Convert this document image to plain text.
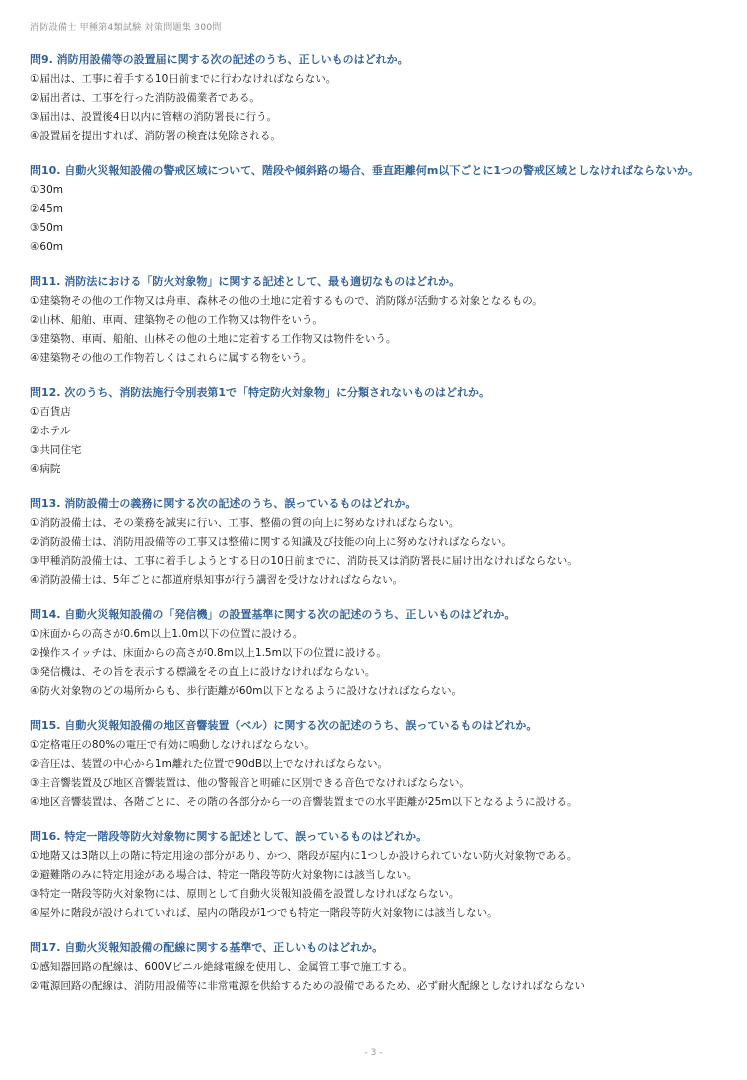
消防設備士 甲種第4類試験 対策問題集 300問

問9. 消防用設備等の設置届に関する次の記述のうち、正しいものはどれか。

①届出は、工事に着手する10日前までに行わなければならない。

②届出者は、工事を行った消防設備業者である。

③届出は、設置後4日以内に管轄の消防署長に行う。

④設置届を提出すれば、消防署の検査は免除される。

問10. 自動火災報知設備の警戒区域について、階段や傾斜路の場合、垂直距離何m以下ごとに1つの警戒区域としなければならないか。

①30m

②45m

③50m

④60m

問11. 消防法における「防火対象物」に関する記述として、最も適切なものはどれか。

①建築物その他の工作物又は舟車、森林その他の土地に定着するもので、消防隊が活動する対象となるもの。

②山林、船舶、車両、建築物その他の工作物又は物件をいう。

③建築物、車両、船舶、山林その他の土地に定着する工作物又は物件をいう。

④建築物その他の工作物若しくはこれらに属する物をいう。

問12. 次のうち、消防法施行令別表第1で「特定防火対象物」に分類されないものはどれか。

①百貨店

②ホテル

③共同住宅

④病院

問13. 消防設備士の義務に関する次の記述のうち、誤っているものはどれか。

①消防設備士は、その業務を誠実に行い、工事、整備の質の向上に努めなければならない。

②消防設備士は、消防用設備等の工事又は整備に関する知識及び技能の向上に努めなければならない。

③甲種消防設備士は、工事に着手しようとする日の10日前までに、消防長又は消防署長に届け出なければならない。

④消防設備士は、5年ごとに都道府県知事が行う講習を受けなければならない。

問14. 自動火災報知設備の「発信機」の設置基準に関する次の記述のうち、正しいものはどれか。

①床面からの高さが0.6m以上1.0m以下の位置に設ける。

②操作スイッチは、床面からの高さが0.8m以上1.5m以下の位置に設ける。

③発信機は、その旨を表示する標識をその直上に設けなければならない。

④防火対象物のどの場所からも、歩行距離が60m以下となるように設けなければならない。

問15. 自動火災報知設備の地区音響装置（ベル）に関する次の記述のうち、誤っているものはどれか。

①定格電圧の80%の電圧で有効に鳴動しなければならない。

②音圧は、装置の中心から1m離れた位置で90dB以上でなければならない。

③主音響装置及び地区音響装置は、他の警報音と明確に区別できる音色でなければならない。

④地区音響装置は、各階ごとに、その階の各部分から一の音響装置までの水平距離が25m以下となるように設ける。

問16. 特定一階段等防火対象物に関する記述として、誤っているものはどれか。

①地階又は3階以上の階に特定用途の部分があり、かつ、階段が屋内に1つしか設けられていない防火対象物である。

②避難階のみに特定用途がある場合は、特定一階段等防火対象物には該当しない。

③特定一階段等防火対象物には、原則として自動火災報知設備を設置しなければならない。

④屋外に階段が設けられていれば、屋内の階段が1つでも特定一階段等防火対象物には該当しない。

問17. 自動火災報知設備の配線に関する基準で、正しいものはどれか。

①感知器回路の配線は、600Vビニル絶縁電線を使用し、金属管工事で施工する。

②電源回路の配線は、消防用設備等に非常電源を供給するための設備であるため、必ず耐火配線としなければならない

- 3 -
